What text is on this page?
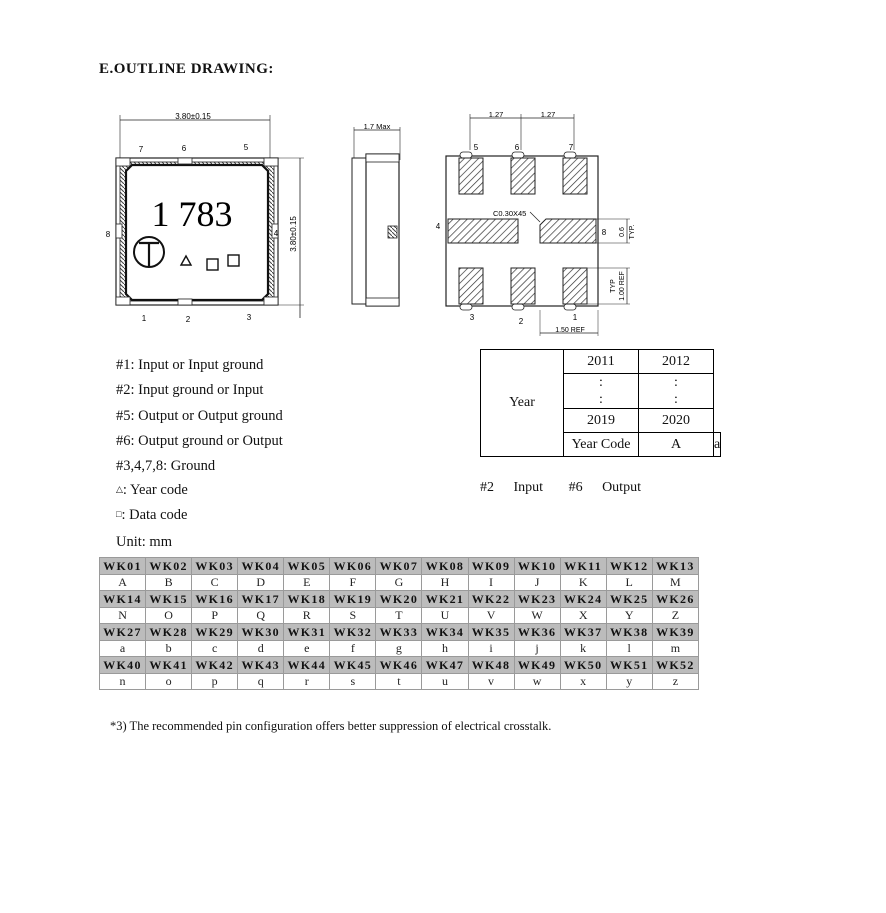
E.OUTLINE DRAWING:
3.80±0.15
3.80±0.15
7	6	5
1	2	3
8	4
1 783
1.7 Max
1.27	1.27
C0.30X45
5	6	7
3	2	1
4
8 0.6 TYP.
TYP 1.00 REF
1.50 REF
#1: Input or Input ground
#2: Input ground or Input
#5: Output or Output ground
#6: Output ground or Output
#3,4,7,8: Ground
△: Year code
□: Data code
Unit: mm
Year	2011	2012	
	:	:	
	:	:	
	2019	2020	
	Year Code	A	a
#2 Input #6 Output
WK01	WK02	WK03	WK04	WK05	WK06	WK07	WK08	WK09	WK10	WK11	WK12	WK13
A	B	C	D	E	F	G	H	I	J	K	L	M
WK14	WK15	WK16	WK17	WK18	WK19	WK20	WK21	WK22	WK23	WK24	WK25	WK26
N	O	P	Q	R	S	T	U	V	W	X	Y	Z
WK27	WK28	WK29	WK30	WK31	WK32	WK33	WK34	WK35	WK36	WK37	WK38	WK39
a	b	c	d	e	f	g	h	i	j	k	l	m
WK40	WK41	WK42	WK43	WK44	WK45	WK46	WK47	WK48	WK49	WK50	WK51	WK52
n	o	p	q	r	s	t	u	v	w	x	y	z
*3) The recommended pin configuration offers better suppression of electrical crosstalk.
